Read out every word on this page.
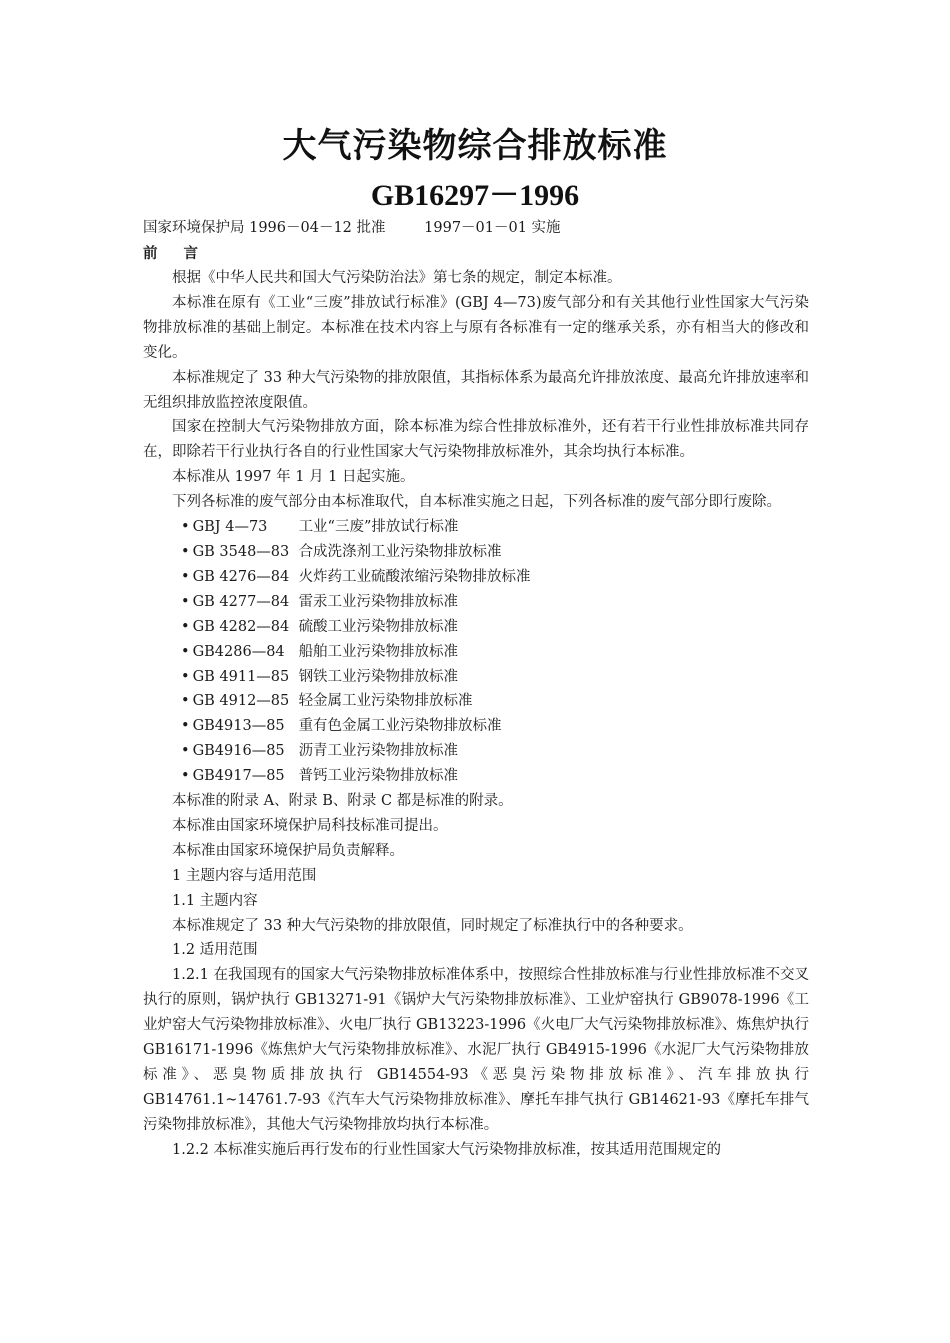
大气污染物综合排放标准
GB16297－1996
国家环境保护局 1996－04－12 批准	1997－01－01 实施
前言

根据《中华人民共和国大气污染防治法》第七条的规定，制定本标准。

本标准在原有《工业“三废”排放试行标准》(GBJ 4—73)废气部分和有关其他行业性国家大气污染物排放标准的基础上制定。本标准在技术内容上与原有各标准有一定的继承关系，亦有相当大的修改和变化。

本标准规定了 33 种大气污染物的排放限值，其指标体系为最高允许排放浓度、最高允许排放速率和无组织排放监控浓度限值。

国家在控制大气污染物排放方面，除本标准为综合性排放标准外，还有若干行业性排放标准共同存在，即除若干行业执行各自的行业性国家大气污染物排放标准外，其余均执行本标准。

本标准从 1997 年 1 月 1 日起实施。

下列各标准的废气部分由本标准取代，自本标准实施之日起，下列各标准的废气部分即行废除。

• GBJ 4—73 工业“三废”排放试行标准
• GB 3548—83 合成洗涤剂工业污染物排放标准
• GB 4276—84 火炸药工业硫酸浓缩污染物排放标准
• GB 4277—84 雷汞工业污染物排放标准
• GB 4282—84 硫酸工业污染物排放标准
• GB4286—84 船舶工业污染物排放标准
• GB 4911—85 钢铁工业污染物排放标准
• GB 4912—85 轻金属工业污染物排放标准
• GB4913—85 重有色金属工业污染物排放标准
• GB4916—85 沥青工业污染物排放标准
• GB4917—85 普钙工业污染物排放标准

本标准的附录 A、附录 B、附录 C 都是标准的附录。

本标准由国家环境保护局科技标准司提出。

本标准由国家环境保护局负责解释。

1 主题内容与适用范围

1.1 主题内容

本标准规定了 33 种大气污染物的排放限值，同时规定了标准执行中的各种要求。

1.2 适用范围

1.2.1 在我国现有的国家大气污染物排放标准体系中，按照综合性排放标准与行业性排放标准不交叉执行的原则，锅炉执行 GB13271-91《锅炉大气污染物排放标准》、工业炉窑执行 GB9078-1996《工业炉窑大气污染物排放标准》、火电厂执行 GB13223-1996《火电厂大气污染物排放标准》、炼焦炉执行 GB16171-1996《炼焦炉大气污染物排放标准》、水泥厂执行 GB4915-1996《水泥厂大气污染物排放标准》、恶臭物质排放执行 GB14554-93《恶臭污染物排放标准》、汽车排放执行 GB14761.1~14761.7-93《汽车大气污染物排放标准》、摩托车排气执行 GB14621-93《摩托车排气污染物排放标准》，其他大气污染物排放均执行本标准。

1.2.2 本标准实施后再行发布的行业性国家大气污染物排放标准，按其适用范围规定的
